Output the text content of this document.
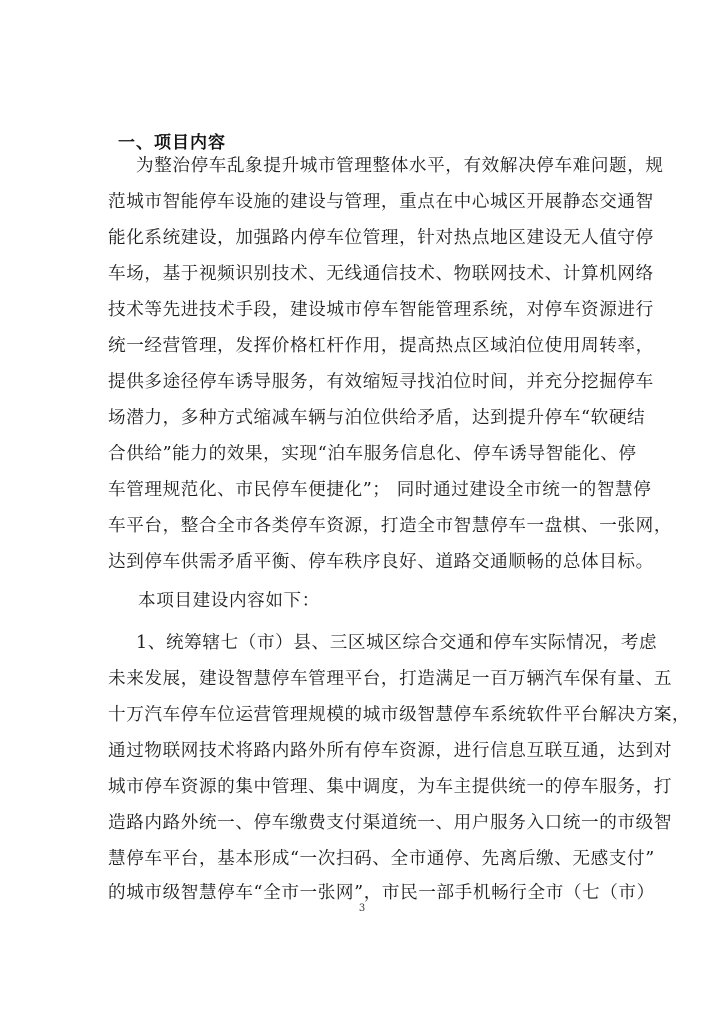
一、项目内容
为整治停车乱象提升城市管理整体水平，有效解决停车难问题，规
范城市智能停车设施的建设与管理，重点在中心城区开展静态交通智
能化系统建设，加强路内停车位管理，针对热点地区建设无人值守停
车场，基于视频识别技术、无线通信技术、物联网技术、计算机网络
技术等先进技术手段，建设城市停车智能管理系统，对停车资源进行
统一经营管理，发挥价格杠杆作用，提高热点区域泊位使用周转率，
提供多途径停车诱导服务，有效缩短寻找泊位时间，并充分挖掘停车
场潜力，多种方式缩减车辆与泊位供给矛盾，达到提升停车“软硬结
合供给”能力的效果，实现“泊车服务信息化、停车诱导智能化、停
车管理规范化、市民停车便捷化”； 同时通过建设全市统一的智慧停
车平台，整合全市各类停车资源，打造全市智慧停车一盘棋、一张网，
达到停车供需矛盾平衡、停车秩序良好、道路交通顺畅的总体目标。
本项目建设内容如下：
1、统筹辖七（市）县、三区城区综合交通和停车实际情况，考虑
未来发展，建设智慧停车管理平台，打造满足一百万辆汽车保有量、五
十万汽车停车位运营管理规模的城市级智慧停车系统软件平台解决方案，
通过物联网技术将路内路外所有停车资源，进行信息互联互通，达到对
城市停车资源的集中管理、集中调度，为车主提供统一的停车服务，打
造路内路外统一、停车缴费支付渠道统一、用户服务入口统一的市级智
慧停车平台，基本形成“一次扫码、全市通停、先离后缴、无感支付”
的城市级智慧停车“全市一张网”，市民一部手机畅行全市（七（市）
3
